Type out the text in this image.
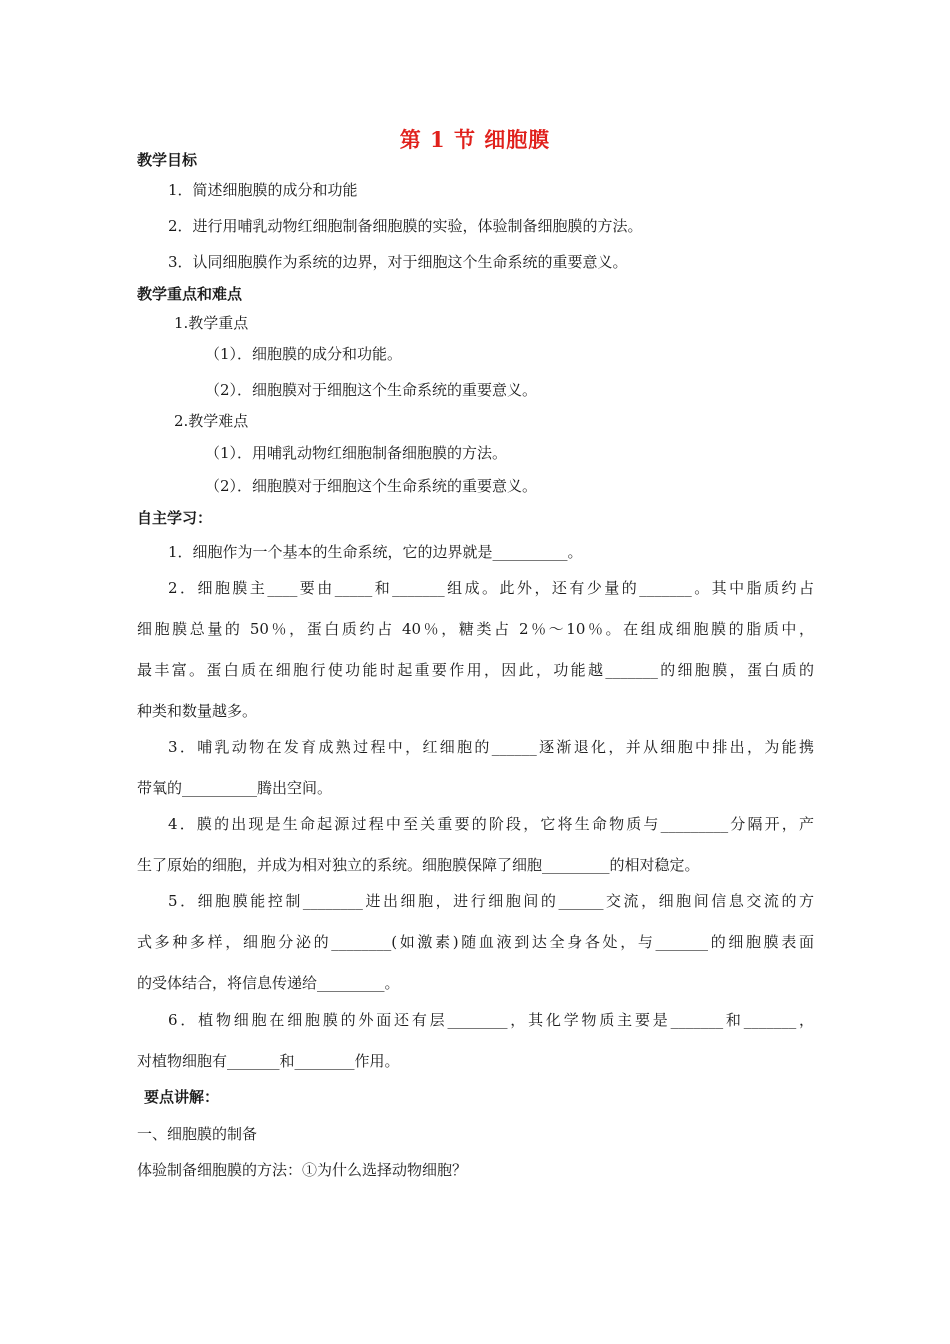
第 1 节 细胞膜
教学目标
1．简述细胞膜的成分和功能
2．进行用哺乳动物红细胞制备细胞膜的实验，体验制备细胞膜的方法。
3．认同细胞膜作为系统的边界，对于细胞这个生命系统的重要意义。
教学重点和难点
1.教学重点
（1）．细胞膜的成分和功能。
（2）．细胞膜对于细胞这个生命系统的重要意义。
2.教学难点
（1）．用哺乳动物红细胞制备细胞膜的方法。
（2）．细胞膜对于细胞这个生命系统的重要意义。
自主学习：
1．细胞作为一个基本的生命系统，它的边界就是__________。
2．细胞膜主____要由_____和_______组成。此外，还有少量的_______。其中脂质约占
细胞膜总量的 50％，蛋白质约占 40％，糖类占 2％～10％。在组成细胞膜的脂质中，
最丰富。蛋白质在细胞行使功能时起重要作用，因此，功能越_______的细胞膜，蛋白质的
种类和数量越多。
3．哺乳动物在发育成熟过程中，红细胞的______逐渐退化，并从细胞中排出，为能携
带氧的__________腾出空间。
4．膜的出现是生命起源过程中至关重要的阶段，它将生命物质与_________分隔开，产
生了原始的细胞，并成为相对独立的系统。细胞膜保障了细胞_________的相对稳定。
5．细胞膜能控制________进出细胞，进行细胞间的______交流，细胞间信息交流的方
式多种多样，细胞分泌的________(如激素)随血液到达全身各处，与_______的细胞膜表面
的受体结合，将信息传递给_________。
6．植物细胞在细胞膜的外面还有层________，其化学物质主要是_______和_______，
对植物细胞有_______和________作用。
要点讲解：
一、细胞膜的制备
体验制备细胞膜的方法：①为什么选择动物细胞？
